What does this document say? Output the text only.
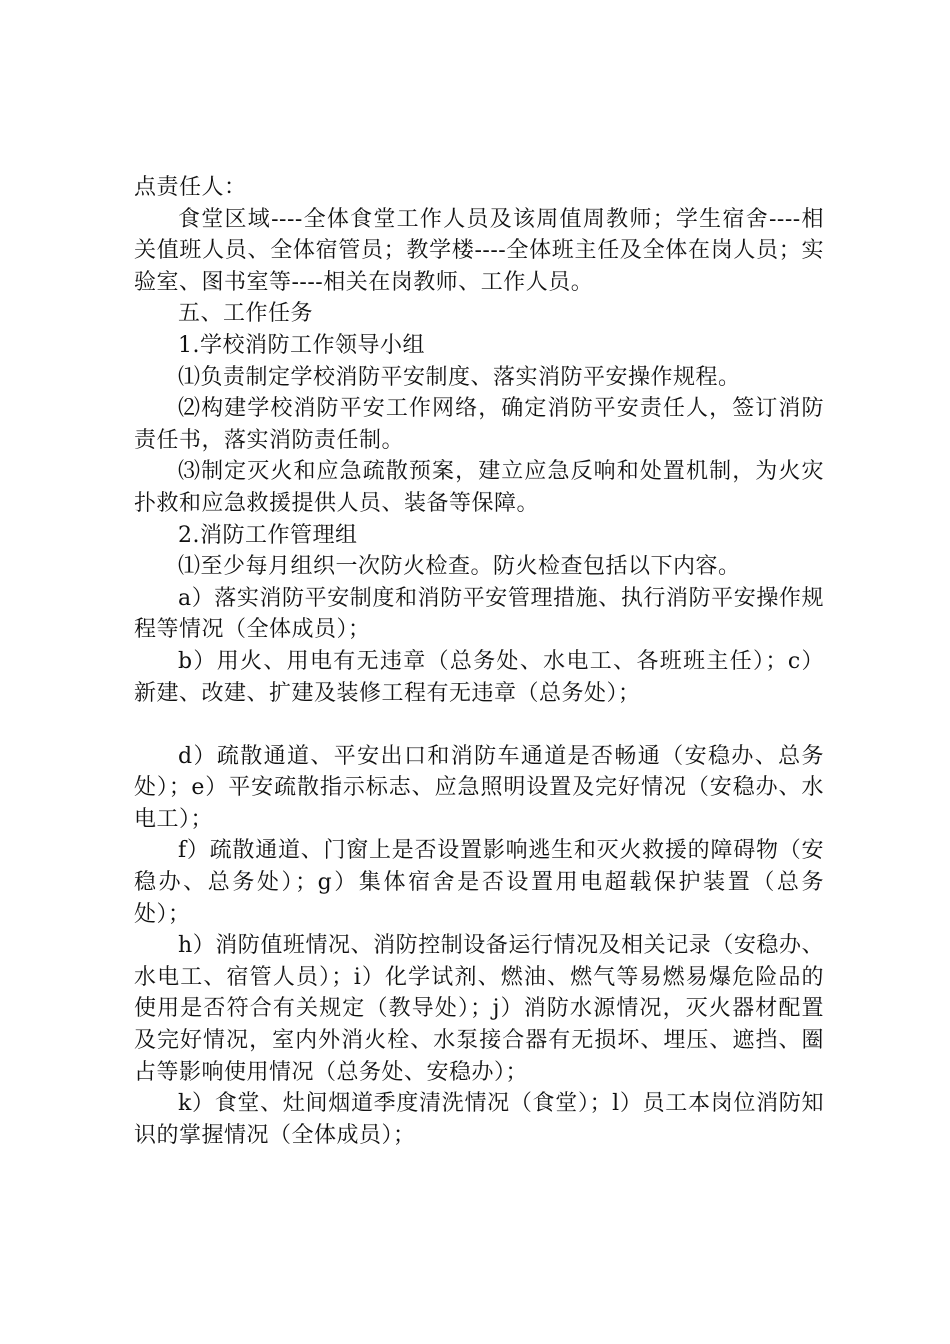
点责任人：

食堂区域----全体食堂工作人员及该周值周教师；学生宿舍----相关值班人员、全体宿管员；教学楼----全体班主任及全体在岗人员；实验室、图书室等----相关在岗教师、工作人员。

五、工作任务

1.学校消防工作领导小组

⑴负责制定学校消防平安制度、落实消防平安操作规程。

⑵构建学校消防平安工作网络，确定消防平安责任人，签订消防责任书，落实消防责任制。

⑶制定灭火和应急疏散预案，建立应急反响和处置机制，为火灾扑救和应急救援提供人员、装备等保障。

2.消防工作管理组

⑴至少每月组织一次防火检查。防火检查包括以下内容。

a）落实消防平安制度和消防平安管理措施、执行消防平安操作规程等情况（全体成员）；

b）用火、用电有无违章（总务处、水电工、各班班主任）；c）新建、改建、扩建及装修工程有无违章（总务处）；

d）疏散通道、平安出口和消防车通道是否畅通（安稳办、总务处）；e）平安疏散指示标志、应急照明设置及完好情况（安稳办、水电工）；

f）疏散通道、门窗上是否设置影响逃生和灭火救援的障碍物（安稳办、总务处）；g）集体宿舍是否设置用电超载保护装置（总务处）；

h）消防值班情况、消防控制设备运行情况及相关记录（安稳办、水电工、宿管人员）；i）化学试剂、燃油、燃气等易燃易爆危险品的使用是否符合有关规定（教导处）；j）消防水源情况，灭火器材配置及完好情况，室内外消火栓、水泵接合器有无损坏、埋压、遮挡、圈占等影响使用情况（总务处、安稳办）；

k）食堂、灶间烟道季度清洗情况（食堂）；l）员工本岗位消防知识的掌握情况（全体成员）；
